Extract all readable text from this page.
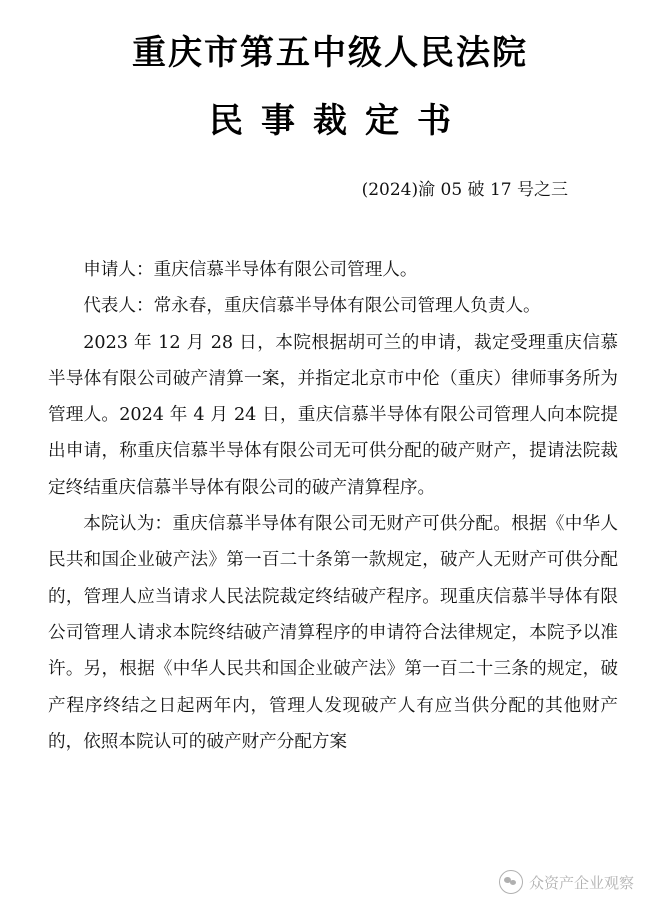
重庆市第五中级人民法院
民事裁定书

(2024)渝 05 破 17 号之三

申请人：重庆信慕半导体有限公司管理人。

代表人：常永春，重庆信慕半导体有限公司管理人负责人。

2023 年 12 月 28 日，本院根据胡可兰的申请，裁定受理重庆信慕半导体有限公司破产清算一案，并指定北京市中伦（重庆）律师事务所为管理人。2024 年 4 月 24 日，重庆信慕半导体有限公司管理人向本院提出申请，称重庆信慕半导体有限公司无可供分配的破产财产，提请法院裁定终结重庆信慕半导体有限公司的破产清算程序。

本院认为：重庆信慕半导体有限公司无财产可供分配。根据《中华人民共和国企业破产法》第一百二十条第一款规定，破产人无财产可供分配的，管理人应当请求人民法院裁定终结破产程序。现重庆信慕半导体有限公司管理人请求本院终结破产清算程序的申请符合法律规定，本院予以准许。另，根据《中华人民共和国企业破产法》第一百二十三条的规定，破产程序终结之日起两年内，管理人发现破产人有应当供分配的其他财产的，依照本院认可的破产财产分配方案

众资产企业观察
